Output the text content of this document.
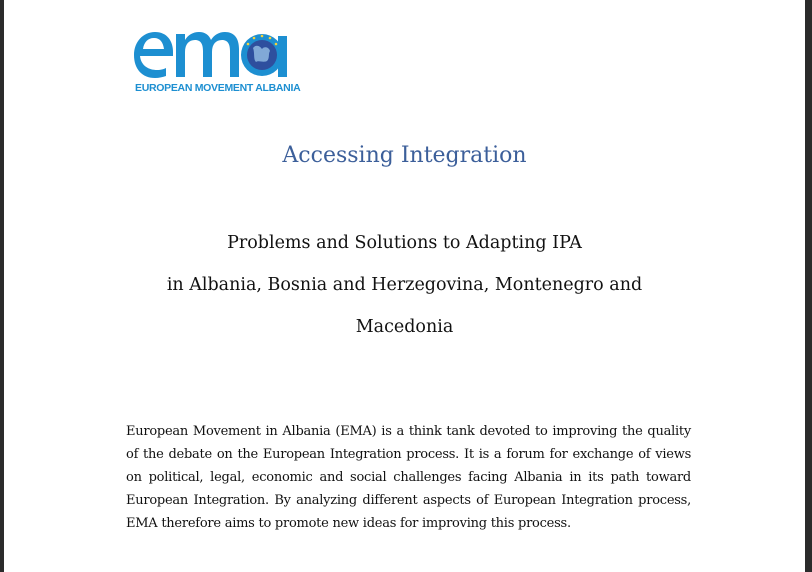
EUROPEAN MOVEMENT ALBANIA
Accessing Integration
Problems and Solutions to Adapting IPA
in Albania, Bosnia and Herzegovina, Montenegro and
Macedonia
European Movement in Albania (EMA) is a think tank devoted to improving the quality of the debate on the European Integration process. It is a forum for exchange of views on political, legal, economic and social challenges facing Albania in its path toward European Integration. By analyzing different aspects of European Integration process, EMA therefore aims to promote new ideas for improving this process.
